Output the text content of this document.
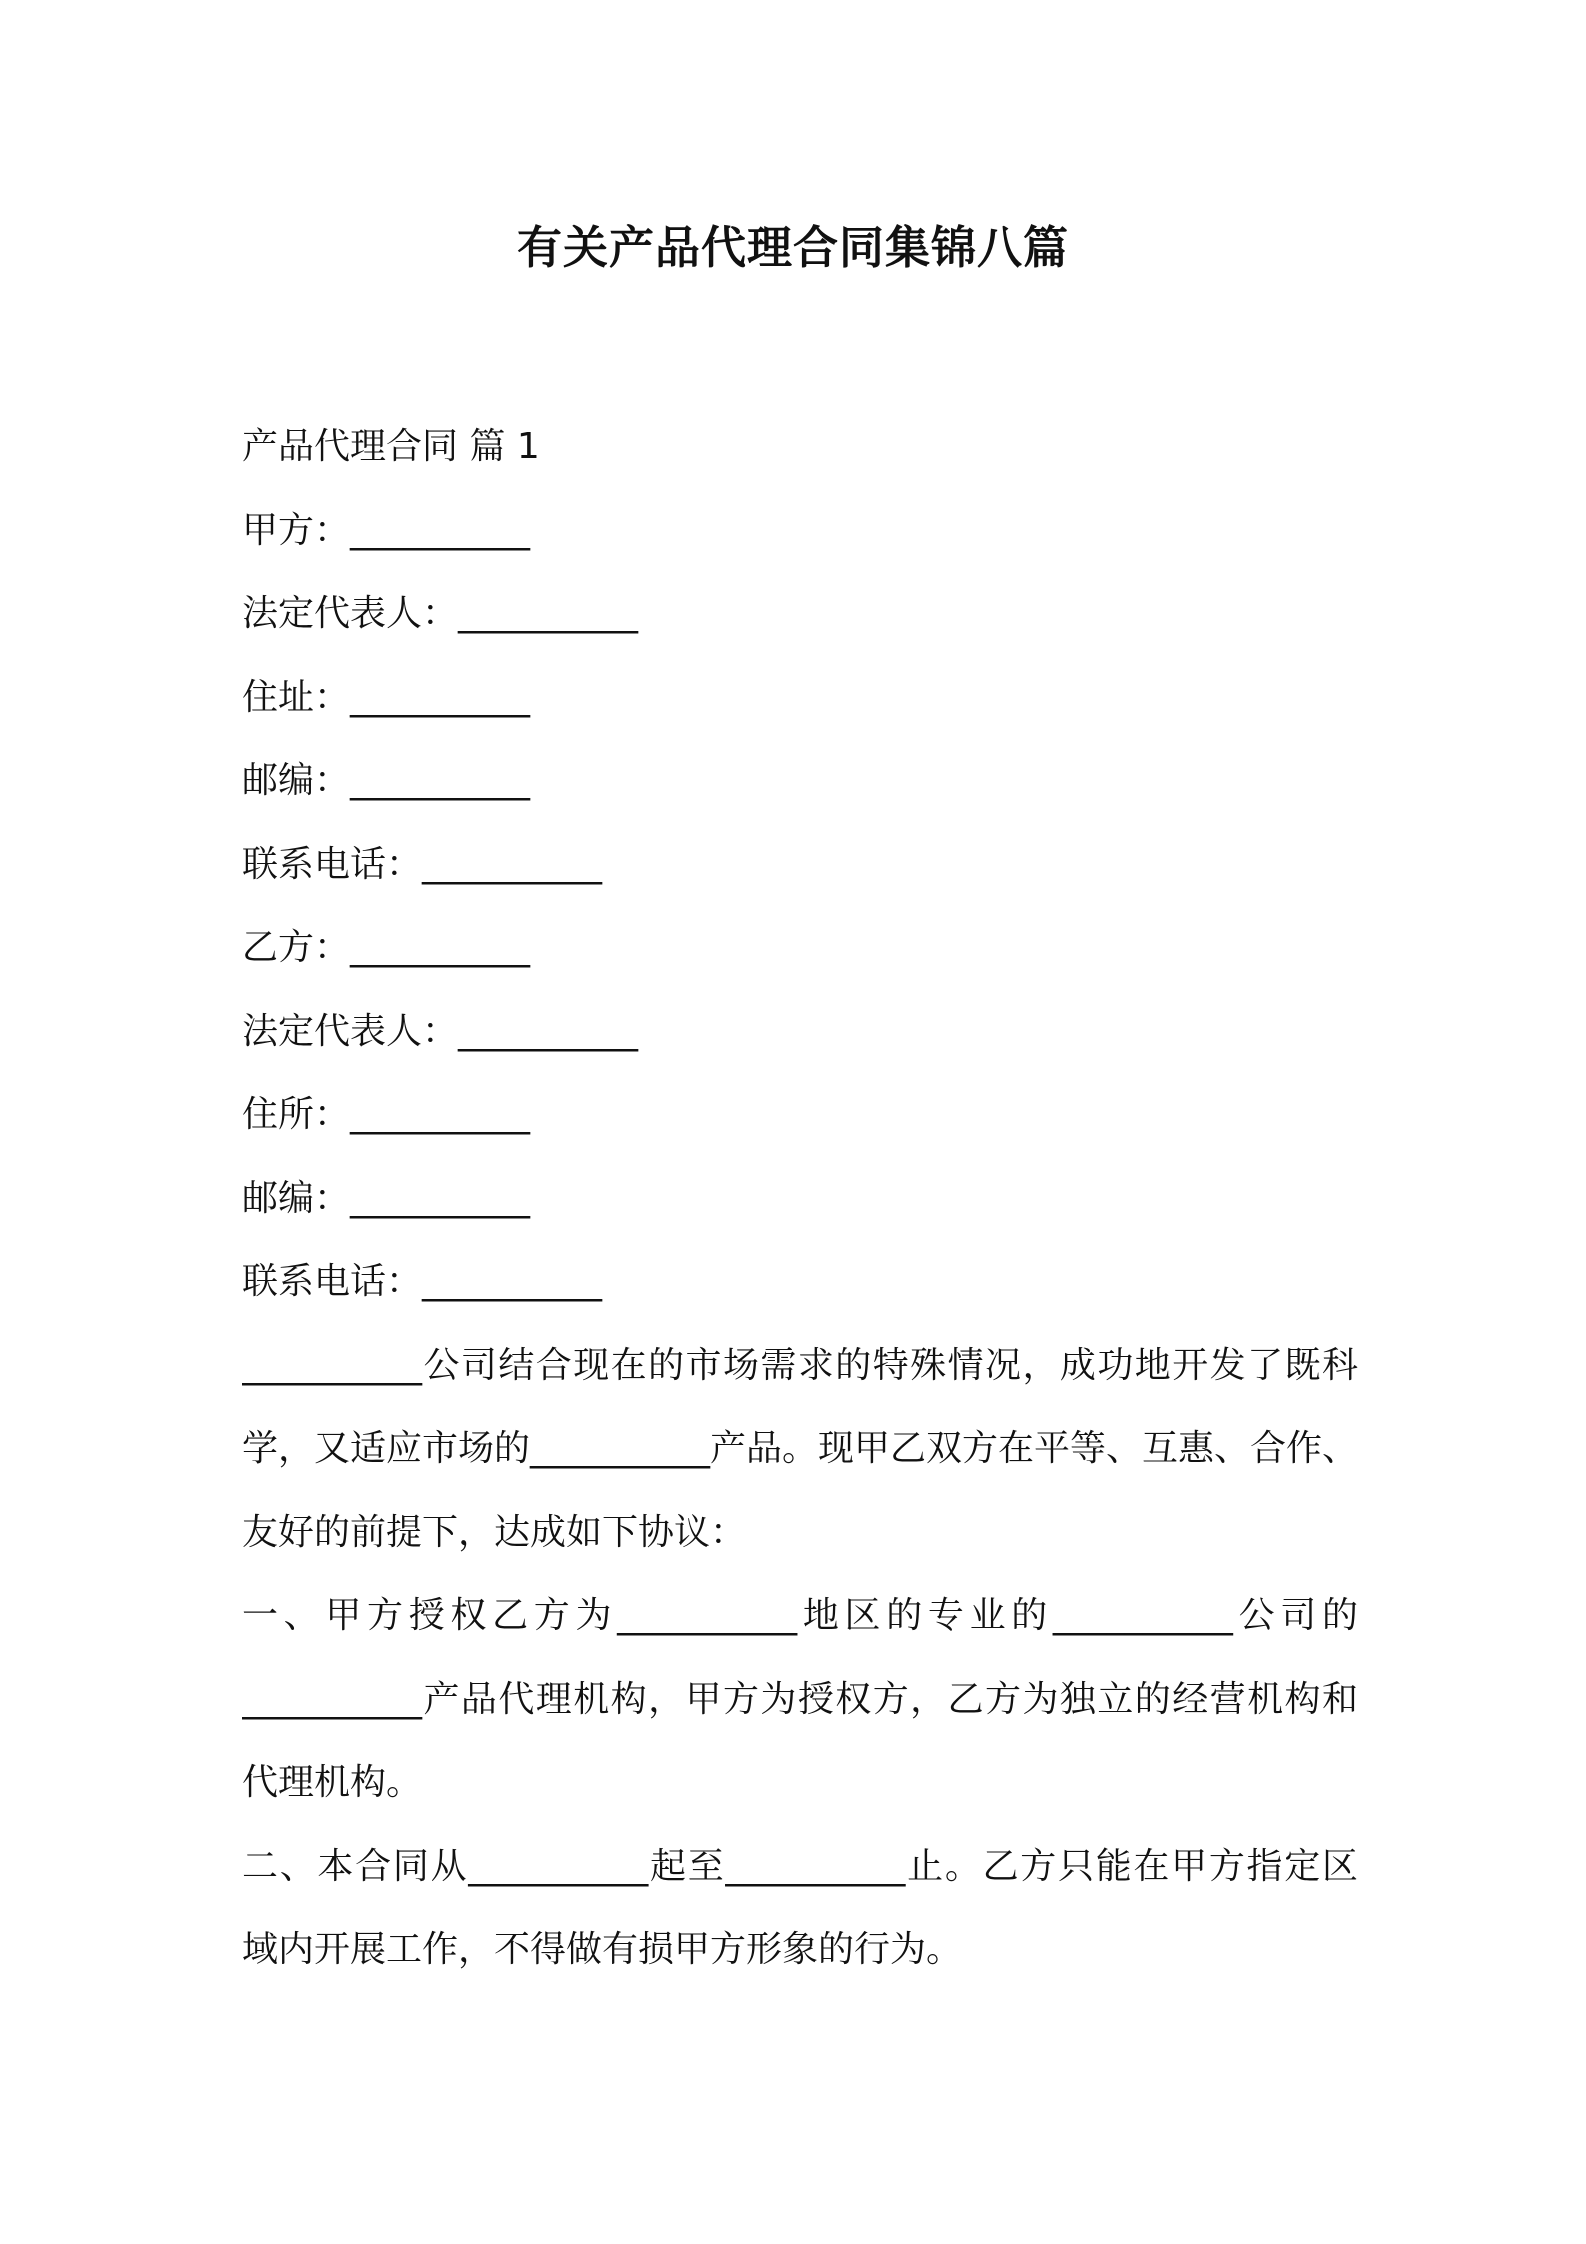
有关产品代理合同集锦八篇

产品代理合同 篇 1

甲方：__________

法定代表人：__________

住址：__________

邮编：__________

联系电话：__________

乙方：__________

法定代表人：__________

住所：__________

邮编：__________

联系电话：__________

__________公司结合现在的市场需求的特殊情况，成功地开发了既科

学，又适应市场的__________产品。现甲乙双方在平等、互惠、合作、

友好的前提下，达成如下协议：

一、甲方授权乙方为__________地区的专业的__________公司的

__________产品代理机构，甲方为授权方，乙方为独立的经营机构和

代理机构。

二、本合同从__________起至__________止。乙方只能在甲方指定区

域内开展工作，不得做有损甲方形象的行为。
